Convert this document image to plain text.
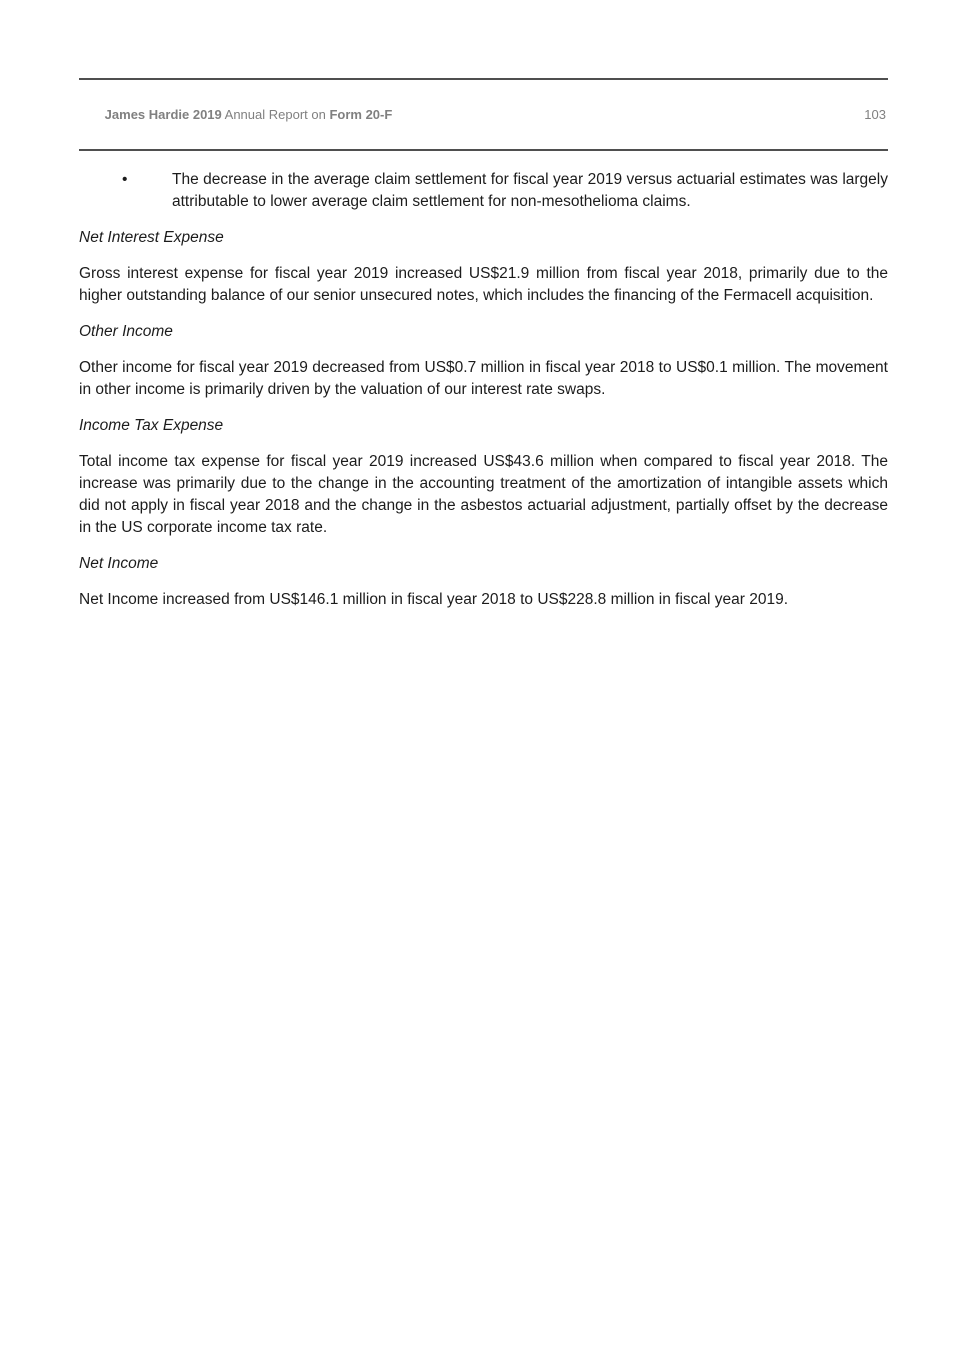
James Hardie 2019 Annual Report on Form 20-F
	103
•	The decrease in the average claim settlement for fiscal year 2019 versus actuarial estimates was largely attributable to lower average claim settlement for non-mesothelioma claims.
Net Interest Expense

Gross interest expense for fiscal year 2019 increased US$21.9 million from fiscal year 2018, primarily due to the higher outstanding balance of our senior unsecured notes, which includes the financing of the Fermacell acquisition.

Other Income

Other income for fiscal year 2019 decreased from US$0.7 million in fiscal year 2018 to US$0.1 million. The movement in other income is primarily driven by the valuation of our interest rate swaps.

Income Tax Expense

Total income tax expense for fiscal year 2019 increased US$43.6 million when compared to fiscal year 2018. The increase was primarily due to the change in the accounting treatment of the amortization of intangible assets which did not apply in fiscal year 2018 and the change in the asbestos actuarial adjustment, partially offset by the decrease in the US corporate income tax rate.

Net Income

Net Income increased from US$146.1 million in fiscal year 2018 to US$228.8 million in fiscal year 2019.
